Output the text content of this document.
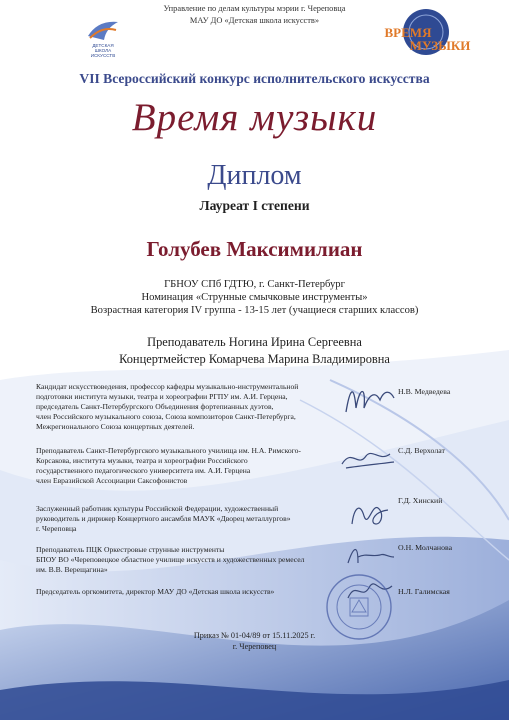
Управление по делам культуры мэрии г. Череповца
МАУ ДО «Детская школа искусств»
ДЕТСКАЯ
ШКОЛА
ИСКУССТВ
ВРЕМЯ
МУЗЫКИ
VII Всероссийский конкурс исполнительского искусства
Время музыки
Диплом
Лауреат I степени
Голубев Максимилиан
ГБНОУ СПб ГДТЮ, г. Санкт-Петербург
Номинация «Струнные смычковые инструменты»
Возрастная категория IV группа - 13-15 лет (учащиеся старших классов)
Преподаватель Ногина Ирина Сергеевна
Концертмейстер Комарчева Марина Владимировна
Кандидат искусствоведения, профессор кафедры музыкально-инструментальной
подготовки института музыки, театра и хореографии РГПУ им. А.И. Герцена,
председатель Санкт-Петербургского Объединения фортепианных дуэтов,
член Российского музыкального союза, Союза композиторов Санкт-Петербурга,
Межрегионального Союза концертных деятелей.
Н.В. Медведева
Преподаватель Санкт-Петербургского музыкального училища им. Н.А. Римского-
Корсакова, института музыки, театра и хореографии Российского
государственного педагогического университета им. А.И. Герцена
член Евразийской Ассоциации Саксофонистов
С.Д. Верхолат
Заслуженный работник культуры Российской Федерации, художественный
руководитель и дирижер Концертного ансамбля МАУК «Дворец металлургов»
г. Череповца
Г.Д. Хинский
Преподаватель ПЦК Оркестровые струнные инструменты
БПОУ ВО «Череповецкое областное училище искусств и художественных ремесел
им. В.В. Верещагина»
О.Н. Молчанова
Председатель оргкомитета, директор МАУ ДО «Детская школа искусств»	Н.Л. Галимская
Приказ № 01-04/89 от 15.11.2025 г.
г. Череповец
